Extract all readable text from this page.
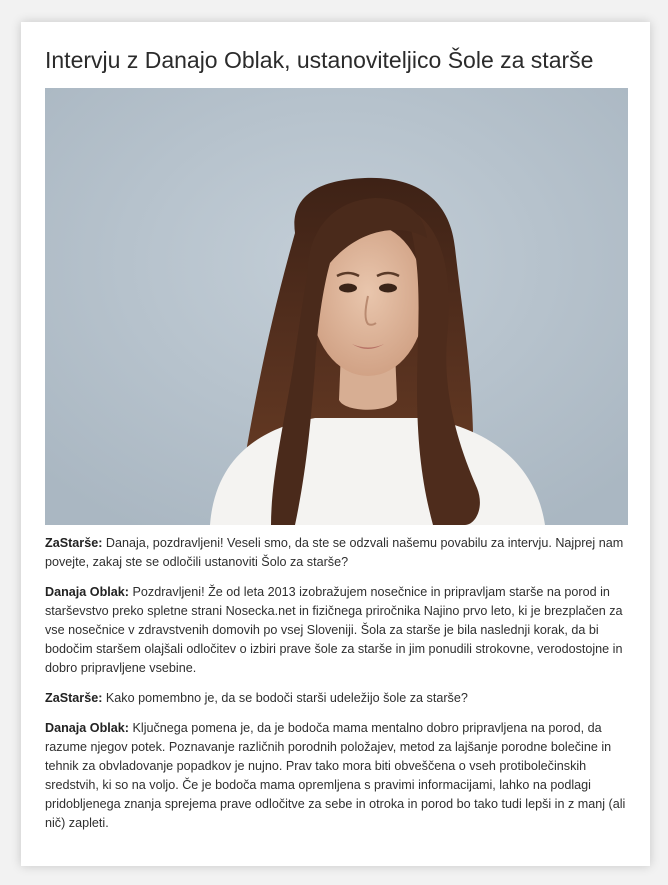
Intervju z Danajo Oblak, ustanoviteljico Šole za starše

ZaStarše: Danaja, pozdravljeni! Veseli smo, da ste se odzvali našemu povabilu za intervju. Najprej nam povejte, zakaj ste se odločili ustanoviti Šolo za starše?

Danaja Oblak: Pozdravljeni! Že od leta 2013 izobražujem nosečnice in pripravljam starše na porod in starševstvo preko spletne strani Nosecka.net in fizičnega priročnika Najino prvo leto, ki je brezplačen za vse nosečnice v zdravstvenih domovih po vsej Sloveniji. Šola za starše je bila naslednji korak, da bi bodočim staršem olajšali odločitev o izbiri prave šole za starše in jim ponudili strokovne, verodostojne in dobro pripravljene vsebine.

ZaStarše: Kako pomembno je, da se bodoči starši udeležijo šole za starše?

Danaja Oblak: Ključnega pomena je, da je bodoča mama mentalno dobro pripravljena na porod, da razume njegov potek. Poznavanje različnih porodnih položajev, metod za lajšanje porodne bolečine in tehnik za obvladovanje popadkov je nujno. Prav tako mora biti obveščena o vseh protibolečinskih sredstvih, ki so na voljo. Če je bodoča mama opremljena s pravimi informacijami, lahko na podlagi pridobljenega znanja sprejema prave odločitve za sebe in otroka in porod bo tako tudi lepši in z manj (ali nič) zapleti.
